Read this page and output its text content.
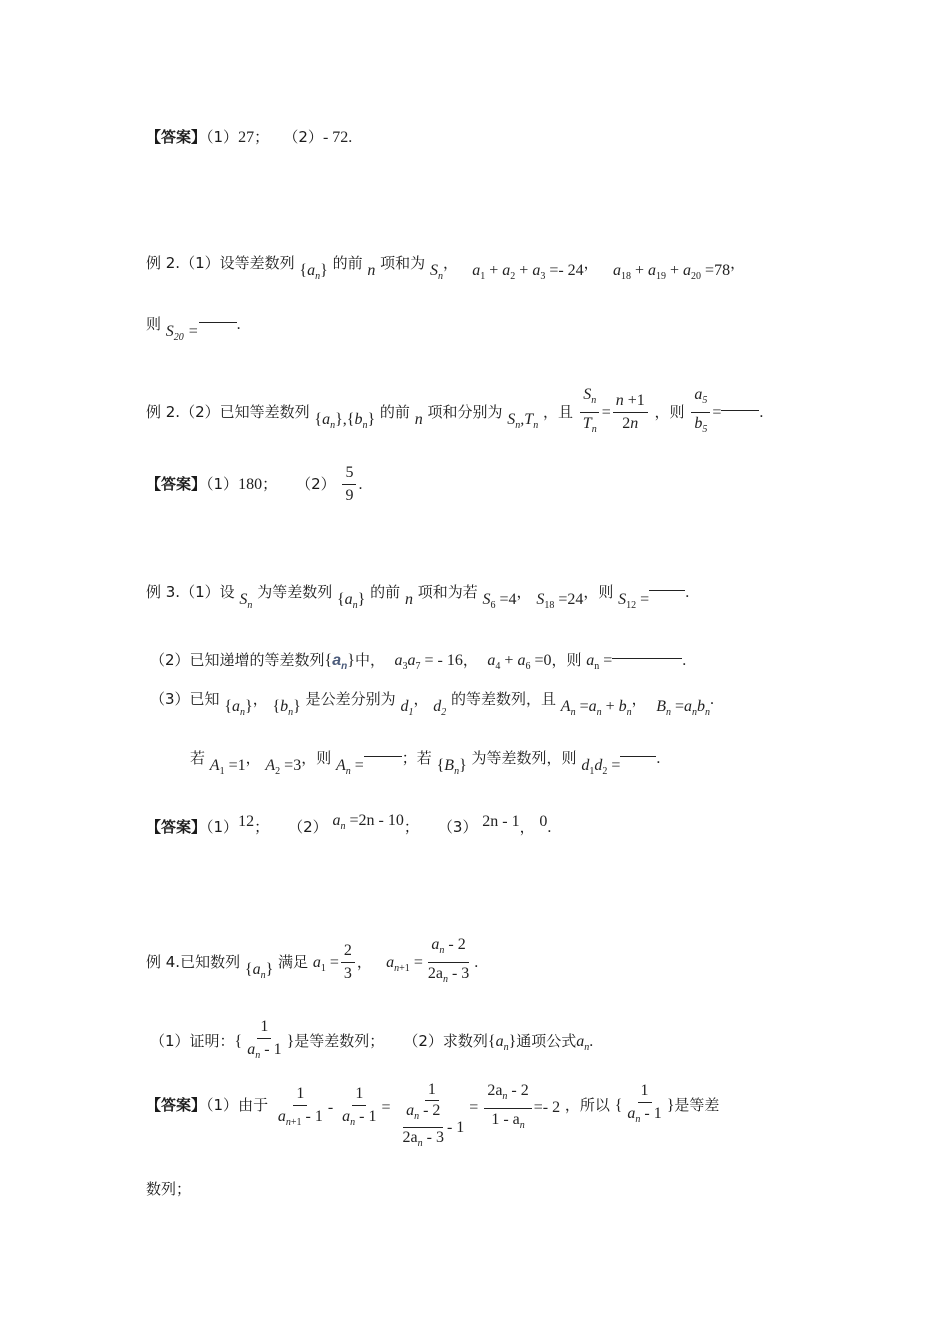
【答案】（1）27； （2）- 72.
例 2.（1）设等差数列 $\{a_n\}$ 的前 n 项和为 $S_n$，   $a_1 + a_2 + a_3 =- 24$，   $a_{18} + a_{19} + a_{20} =78$，
则 $S_{20}$ = .
例 2.（2）已知等差数列 $\{a_n\},\{b_n\}$ 的前 n 项和分别为 $S_n,T_n$ ，且 $\frac{S_n}{T_n} = \frac{n +1}{2n}$ ，则 $\frac{a_5}{b_5}$ = .
【答案】（1）180；    $(2) \frac{5}{9}$ .
例 3.（1）设 $S_n$ 为等差数列 $\{a_n\}$ 的前 n 项和为若 $S_6 =4$， $S_{18} =24$，则 $S_{12}$ = .
（2）已知递增的等差数列$\{a_n\}$中， $a_3a_7$ = - 16，  $a_4 + a_6 =0$，则 $a_n$ =	.
（3）已知 $\{a_n\}$， $\{b_n\}$ 是公差分别为 $d_1$， $d_2$ 的等差数列，且 $A_n =a_n + b_n$，  $B_n =a_nb_n$.
若 $A_1 =1$， $A_2 =3$，则 $A_n$ =	；若 $\{B_n\}$ 为等差数列，则 $d_1d_2$ = .
【答案】（1）12；    （2） $a_n =2n - 10$；    （3） 2n - 1， 0.
例 4.已知数列 $\{a_n\}$ 满足 $a_1 = \frac{2}{3}$ ，   $a_{n+1} = \frac{a_n - 2}{2a_n - 3}$ .
（1）证明：{ $\frac{1}{a_n - 1}$ }是等差数列； （2）求数列$\{a_n\}$通项公式$a_n$.
【答案】（1）由于 $\frac{1}{a_{n+1} - 1} - \frac{1}{a_n - 1} = \frac{1}{\frac{a_n - 2}{2a_n - 3} - 1} = \frac{2a_n - 2}{1 - a_n} =- 2$ ，所以 { $\frac{1}{a_n - 1}$ }是等差
数列；
